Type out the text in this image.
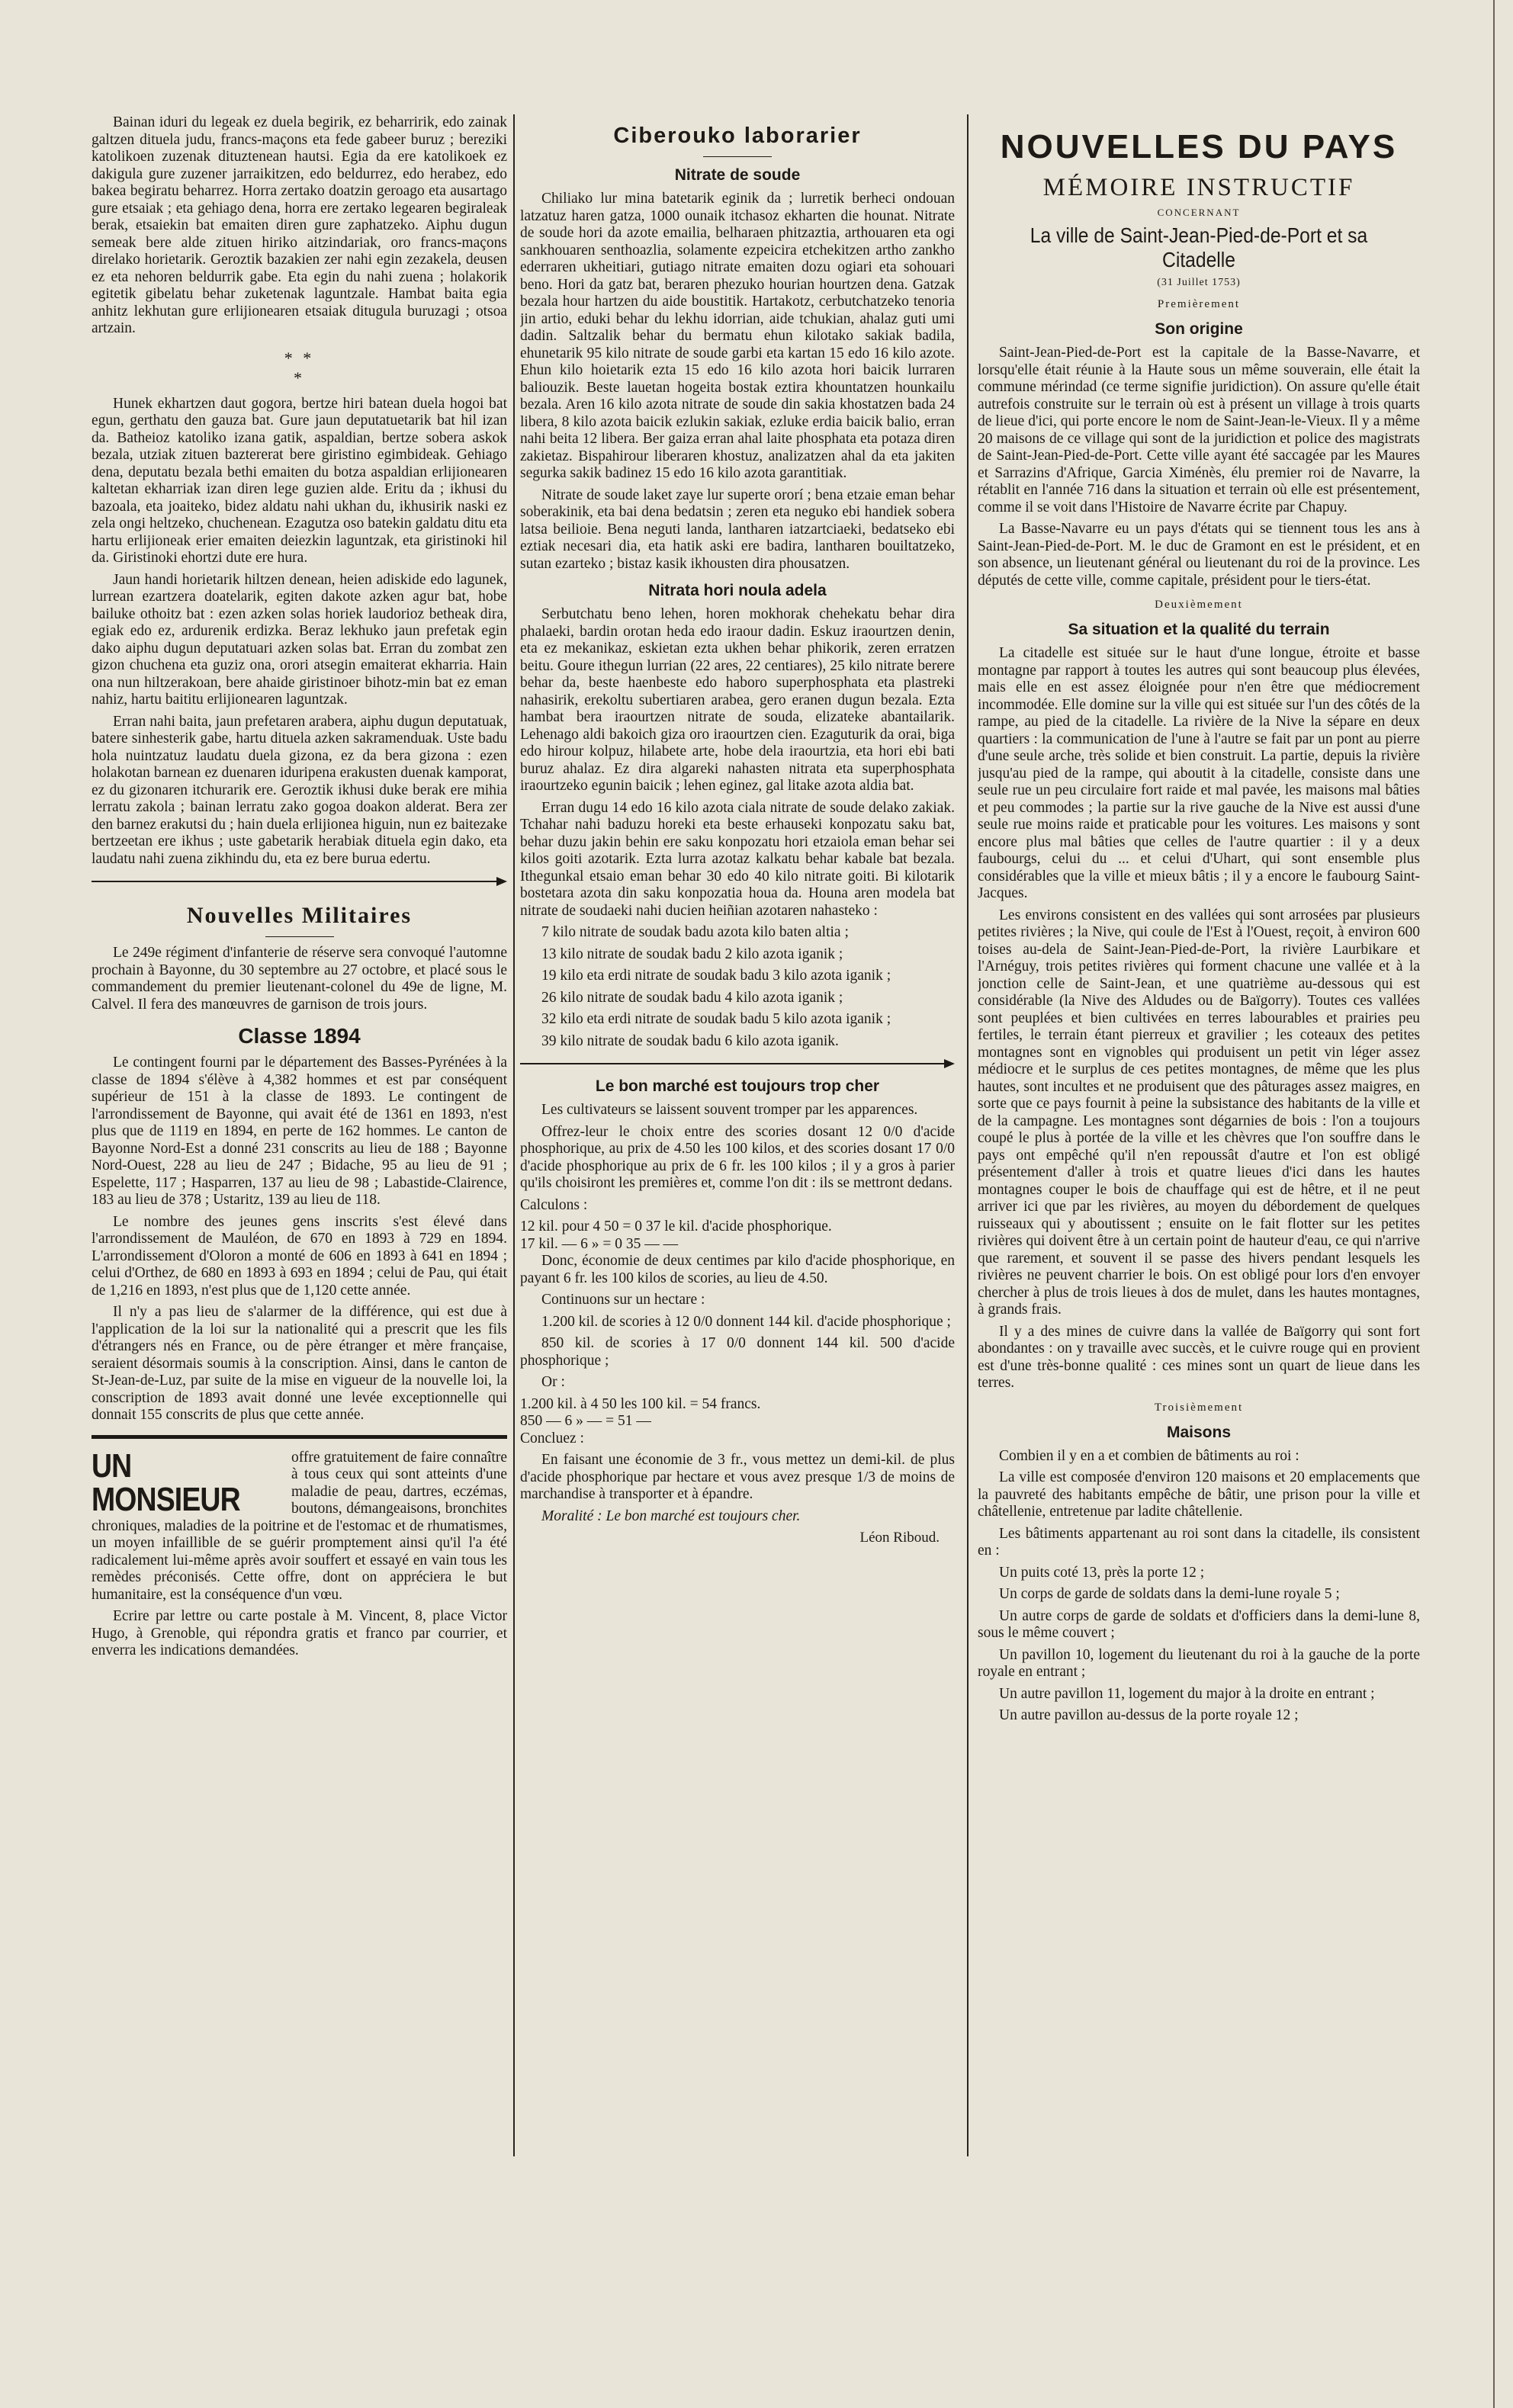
Bainan iduri du legeak ez duela begirik, ez beharririk, edo zainak galtzen dituela judu, francs-maçons eta fede gabeer buruz ; bereziki katolikoen zuzenak dituztenean hautsi. Egia da ere katolikoek ez dakigula gure zuzener jarraikitzen, edo beldurrez, edo herabez, edo bakea begiratu beharrez. Horra zertako doatzin geroago eta ausartago gure etsaiak ; eta gehiago dena, horra ere zertako legearen begiraleak berak, etsaiekin bat emaiten diren gure zaphatzeko. Aiphu dugun semeak bere alde zituen hiriko aitzindariak, oro francs-maçons direlako horietarik. Geroztik bazakien zer nahi egin zezakela, deusen ez eta nehoren beldurrik gabe. Eta egin du nahi zuena ; holakorik egitetik gibelatu behar zuketenak laguntzale. Hambat baita egia anhitz lekhutan gure erlijionearen etsaiak ditugula buruzagi ; otsoa artzain.

* *
*

Hunek ekhartzen daut gogora, bertze hiri batean duela hogoi bat egun, gerthatu den gauza bat. Gure jaun deputatuetarik bat hil izan da. Batheioz katoliko izana gatik, aspaldian, bertze sobera askok bezala, utziak zituen baztererat bere giristino egimbideak. Gehiago dena, deputatu bezala bethi emaiten du botza aspaldian erlijionearen kaltetan ekharriak izan diren lege guzien alde. Eritu da ; ikhusi du bazoala, eta joaiteko, bidez aldatu nahi ukhan du, ikhusirik naski ez zela ongi heltzeko, chuchenean. Ezagutza oso batekin galdatu ditu eta hartu erlijioneak erier emaiten deiezkin laguntzak, eta giristinoki hil da. Giristinoki ehortzi dute ere hura.

Jaun handi horietarik hiltzen denean, heien adiskide edo lagunek, lurrean ezartzera doatelarik, egiten dakote azken agur bat, hobe bailuke othoitz bat : ezen azken solas horiek laudorioz betheak dira, egiak edo ez, ardurenik erdizka. Beraz lekhuko jaun prefetak egin dako aiphu dugun deputatuari azken solas bat. Erran du zombat zen gizon chuchena eta guziz ona, orori atsegin emaiterat ekharria. Hain ona nun hiltzerakoan, bere ahaide giristinoer bihotz-min bat ez eman nahiz, hartu baititu erlijionearen laguntzak.

Erran nahi baita, jaun prefetaren arabera, aiphu dugun deputatuak, batere sinhesterik gabe, hartu dituela azken sakramenduak. Uste badu hola nuintzatuz laudatu duela gizona, ez da bera gizona : ezen holakotan barnean ez duenaren iduripena erakusten duenak kamporat, ez du gizonaren itchurarik ere. Geroztik ikhusi duke berak ere mihia lerratu zakola ; bainan lerratu zako gogoa doakon alderat. Bera zer den barnez erakutsi du ; hain duela erlijionea higuin, nun ez baitezake bertzeetan ere ikhus ; uste gabetarik herabiak dituela egin dako, eta laudatu nahi zuena zikhindu du, eta ez bere burua edertu.

Nouvelles Militaires

Le 249e régiment d'infanterie de réserve sera convoqué l'automne prochain à Bayonne, du 30 septembre au 27 octobre, et placé sous le commandement du premier lieutenant-colonel du 49e de ligne, M. Calvel. Il fera des manœuvres de garnison de trois jours.

Classe 1894

Le contingent fourni par le département des Basses-Pyrénées à la classe de 1894 s'élève à 4,382 hommes et est par conséquent supérieur de 151 à la classe de 1893. Le contingent de l'arrondissement de Bayonne, qui avait été de 1361 en 1893, n'est plus que de 1119 en 1894, en perte de 162 hommes. Le canton de Bayonne Nord-Est a donné 231 conscrits au lieu de 188 ; Bayonne Nord-Ouest, 228 au lieu de 247 ; Bidache, 95 au lieu de 91 ; Espelette, 117 ; Hasparren, 137 au lieu de 98 ; Labastide-Clairence, 183 au lieu de 378 ; Ustaritz, 139 au lieu de 118.

Le nombre des jeunes gens inscrits s'est élevé dans l'arrondissement de Mauléon, de 670 en 1893 à 729 en 1894. L'arrondissement d'Oloron a monté de 606 en 1893 à 641 en 1894 ; celui d'Orthez, de 680 en 1893 à 693 en 1894 ; celui de Pau, qui était de 1,216 en 1893, n'est plus que de 1,120 cette année.

Il n'y a pas lieu de s'alarmer de la différence, qui est due à l'application de la loi sur la nationalité qui a prescrit que les fils d'étrangers nés en France, ou de père étranger et mère française, seraient désormais soumis à la conscription. Ainsi, dans le canton de St-Jean-de-Luz, par suite de la mise en vigueur de la nouvelle loi, la conscription de 1893 avait donné une levée exceptionnelle qui donnait 155 conscrits de plus que cette année.

UN MONSIEUR

offre gratuitement de faire connaître à tous ceux qui sont atteints d'une maladie de peau, dartres, eczémas, boutons, démangeaisons, bronchites chroniques, maladies de la poitrine et de l'estomac et de rhumatismes, un moyen infaillible de se guérir promptement ainsi qu'il l'a été radicalement lui-même après avoir souffert et essayé en vain tous les remèdes préconisés. Cette offre, dont on appréciera le but humanitaire, est la conséquence d'un vœu.

Ecrire par lettre ou carte postale à M. Vincent, 8, place Victor Hugo, à Grenoble, qui répondra gratis et franco par courrier, et enverra les indications demandées.

Ciberouko laborarier
Nitrate de soude

Chiliako lur mina batetarik eginik da ; lurretik berheci ondouan latzatuz haren gatza, 1000 ounaik itchasoz ekharten die hounat. Nitrate de soude hori da azote emailia, belharaen phitzaztia, arthouaren eta ogi sankhouaren senthoazlia, solamente ezpeicira etchekitzen artho zankho ederraren ukheitiari, gutiago nitrate emaiten dozu ogiari eta sohouari beno. Hori da gatz bat, beraren phezuko hourian hourtzen dena. Gatzak bezala hour hartzen du aide boustitik. Hartakotz, cerbutchatzeko tenoria jin artio, eduki behar du lekhu idorrian, aide tchukian, ahalaz guti umi dadin. Saltzalik behar du bermatu ehun kilotako sakiak badila, ehunetarik 95 kilo nitrate de soude garbi eta kartan 15 edo 16 kilo azote. Ehun kilo hoietarik ezta 15 edo 16 kilo azota hori baicik lurraren baliouzik. Beste lauetan hogeita bostak eztira khountatzen hounkailu bezala. Aren 16 kilo azota nitrate de soude din sakia khostatzen bada 24 libera, 8 kilo azota baicik ezlukin sakiak, ezluke erdia baicik balio, erran nahi beita 12 libera. Ber gaiza erran ahal laite phosphata eta potaza diren zakietaz. Bispahirour liberaren khostuz, analizatzen ahal da eta jakiten segurka sakik badinez 15 edo 16 kilo azota garantitiak.

Nitrate de soude laket zaye lur superte ororí ; bena etzaie eman behar soberakinik, eta bai dena bedatsin ; zeren eta neguko ebi handiek sobera latsa beilioie. Bena neguti landa, lantharen iatzartciaeki, bedatseko ebi eztiak necesari dia, eta hatik aski ere badira, lantharen bouiltatzeko, sutan ezarteko ; bistaz kasik ikhousten dira phousatzen.

Nitrata hori noula adela

Serbutchatu beno lehen, horen mokhorak chehekatu behar dira phalaeki, bardin orotan heda edo iraour dadin. Eskuz iraourtzen denin, eta ez mekanikaz, eskietan ezta ukhen behar phikorik, zeren erratzen beitu. Goure ithegun lurrian (22 ares, 22 centiares), 25 kilo nitrate berere behar da, beste haenbeste edo haboro superphosphata eta plastreki nahasirik, erekoltu subertiaren arabea, gero eranen dugun bezala. Ezta hambat bera iraourtzen nitrate de souda, elizateke abantailarik. Lehenago aldi bakoich giza oro iraourtzen cien. Ezaguturik da orai, biga edo hirour kolpuz, hilabete arte, hobe dela iraourtzia, eta hori ebi bati buruz ahalaz. Ez dira algareki nahasten nitrata eta superphosphata iraourtzeko egunin baicik ; lehen eginez, gal litake azota aldia bat.

Erran dugu 14 edo 16 kilo azota ciala nitrate de soude delako zakiak. Tchahar nahi baduzu horeki eta beste erhauseki konpozatu saku bat, behar duzu jakin behin ere saku konpozatu hori etzaiola eman behar sei kilos goiti azotarik. Ezta lurra azotaz kalkatu behar kabale bat bezala. Ithegunkal etsaio eman behar 30 edo 40 kilo nitrate goiti. Bi kilotarik bostetara azota din saku konpozatia houa da. Houna aren modela bat nitrate de soudaeki nahi ducien heiñian azotaren nahasteko :

7 kilo nitrate de soudak badu azota kilo baten altia ;

13 kilo nitrate de soudak badu 2 kilo azota iganik ;

19 kilo eta erdi nitrate de soudak badu 3 kilo azota iganik ;

26 kilo nitrate de soudak badu 4 kilo azota iganik ;

32 kilo eta erdi nitrate de soudak badu 5 kilo azota iganik ;

39 kilo nitrate de soudak badu 6 kilo azota iganik.

Le bon marché est toujours trop cher

Les cultivateurs se laissent souvent tromper par les apparences.

Offrez-leur le choix entre des scories dosant 12 0/0 d'acide phosphorique, au prix de 4.50 les 100 kilos, et des scories dosant 17 0/0 d'acide phosphorique au prix de 6 fr. les 100 kilos ; il y a gros à parier qu'ils choisiront les premières et, comme l'on dit : ils se mettront dedans.

Calculons :

12 kil. pour 4 50 = 0 37 le kil. d'acide phosphorique.
17 kil. — 6 » = 0 35 — —

Donc, économie de deux centimes par kilo d'acide phosphorique, en payant 6 fr. les 100 kilos de scories, au lieu de 4.50.

Continuons sur un hectare :

1.200 kil. de scories à 12 0/0 donnent 144 kil. d'acide phosphorique ;

850 kil. de scories à 17 0/0 donnent 144 kil. 500 d'acide phosphorique ;

Or :

1.200 kil. à 4 50 les 100 kil. = 54 francs.
850 — 6 » — = 51 —

Concluez :

En faisant une économie de 3 fr., vous mettez un demi-kil. de plus d'acide phosphorique par hectare et vous avez presque 1/3 de moins de marchandise à transporter et à épandre.

Moralité : Le bon marché est toujours cher.

Léon Riboud.
NOUVELLES DU PAYS
MÉMOIRE INSTRUCTIF
CONCERNANT
La ville de Saint-Jean-Pied-de-Port et sa Citadelle
(31 Juillet 1753)
Premièrement
Son origine

Saint-Jean-Pied-de-Port est la capitale de la Basse-Navarre, et lorsqu'elle était réunie à la Haute sous un même souverain, elle était la commune mérindad (ce terme signifie juridiction). On assure qu'elle était autrefois construite sur le terrain où est à présent un village à trois quarts de lieue d'ici, qui porte encore le nom de Saint-Jean-le-Vieux. Il y a même 20 maisons de ce village qui sont de la juridiction et police des magistrats de Saint-Jean-Pied-de-Port. Cette ville ayant été saccagée par les Maures et Sarrazins d'Afrique, Garcia Ximénès, élu premier roi de Navarre, la rétablit en l'année 716 dans la situation et terrain où elle est présentement, comme il se voit dans l'Histoire de Navarre écrite par Chapuy.

La Basse-Navarre eu un pays d'états qui se tiennent tous les ans à Saint-Jean-Pied-de-Port. M. le duc de Gramont en est le président, et en son absence, un lieutenant général ou lieutenant du roi de la province. Les députés de cette ville, comme capitale, président pour le tiers-état.

Deuxièmement
Sa situation et la qualité du terrain

La citadelle est située sur le haut d'une longue, étroite et basse montagne par rapport à toutes les autres qui sont beaucoup plus élevées, mais elle en est assez éloignée pour n'en être que médiocrement incommodée. Elle domine sur la ville qui est située sur l'un des côtés de la rampe, au pied de la citadelle. La rivière de la Nive la sépare en deux quartiers : la communication de l'une à l'autre se fait par un pont au pierre d'une seule arche, très solide et bien construit. La partie, depuis la rivière jusqu'au pied de la rampe, qui aboutit à la citadelle, consiste dans une seule rue un peu circulaire fort raide et mal pavée, les maisons mal bâties et peu commodes ; la partie sur la rive gauche de la Nive est aussi d'une seule rue moins raide et praticable pour les voitures. Les maisons y sont encore plus mal bâties que celles de l'autre quartier : il y a deux faubourgs, celui du ... et celui d'Uhart, qui sont ensemble plus considérables que la ville et mieux bâtis ; il y a encore le faubourg Saint-Jacques.

Les environs consistent en des vallées qui sont arrosées par plusieurs petites rivières ; la Nive, qui coule de l'Est à l'Ouest, reçoit, à environ 600 toises au-dela de Saint-Jean-Pied-de-Port, la rivière Laurbikare et l'Arnéguy, trois petites rivières qui forment chacune une vallée et à la jonction celle de Saint-Jean, et une quatrième au-dessous qui est considérable (la Nive des Aldudes ou de Baïgorry). Toutes ces vallées sont peuplées et bien cultivées en terres labourables et prairies peu fertiles, le terrain étant pierreux et gravilier ; les coteaux des petites montagnes sont en vignobles qui produisent un petit vin léger assez médiocre et le surplus de ces petites montagnes, de même que les plus hautes, sont incultes et ne produisent que des pâturages assez maigres, en sorte que ce pays fournit à peine la subsistance des habitants de la ville et de la campagne. Les montagnes sont dégarnies de bois : l'on a toujours coupé le plus à portée de la ville et les chèvres que l'on souffre dans le pays ont empêché qu'il n'en repoussât d'autre et l'on est obligé présentement d'aller à trois et quatre lieues d'ici dans les hautes montagnes couper le bois de chauffage qui est de hêtre, et il ne peut arriver ici que par les rivières, au moyen du débordement de quelques ruisseaux qui y aboutissent ; ensuite on le fait flotter sur les petites rivières qui doivent être à un certain point de hauteur d'eau, ce qui n'arrive que rarement, et souvent il se passe des hivers pendant lesquels les rivières ne peuvent charrier le bois. On est obligé pour lors d'en envoyer chercher à plus de trois lieues à dos de mulet, dans les hautes montagnes, à grands frais.

Il y a des mines de cuivre dans la vallée de Baïgorry qui sont fort abondantes : on y travaille avec succès, et le cuivre rouge qui en provient est d'une très-bonne qualité : ces mines sont un quart de lieue dans les terres.

Troisièmement
Maisons

Combien il y en a et combien de bâtiments au roi :

La ville est composée d'environ 120 maisons et 20 emplacements que la pauvreté des habitants empêche de bâtir, une prison pour la ville et châtellenie, entretenue par ladite châtellenie.

Les bâtiments appartenant au roi sont dans la citadelle, ils consistent en :

Un puits coté 13, près la porte 12 ;

Un corps de garde de soldats dans la demi-lune royale 5 ;

Un autre corps de garde de soldats et d'officiers dans la demi-lune 8, sous le même couvert ;

Un pavillon 10, logement du lieutenant du roi à la gauche de la porte royale en entrant ;

Un autre pavillon 11, logement du major à la droite en entrant ;

Un autre pavillon au-dessus de la porte royale 12 ;
